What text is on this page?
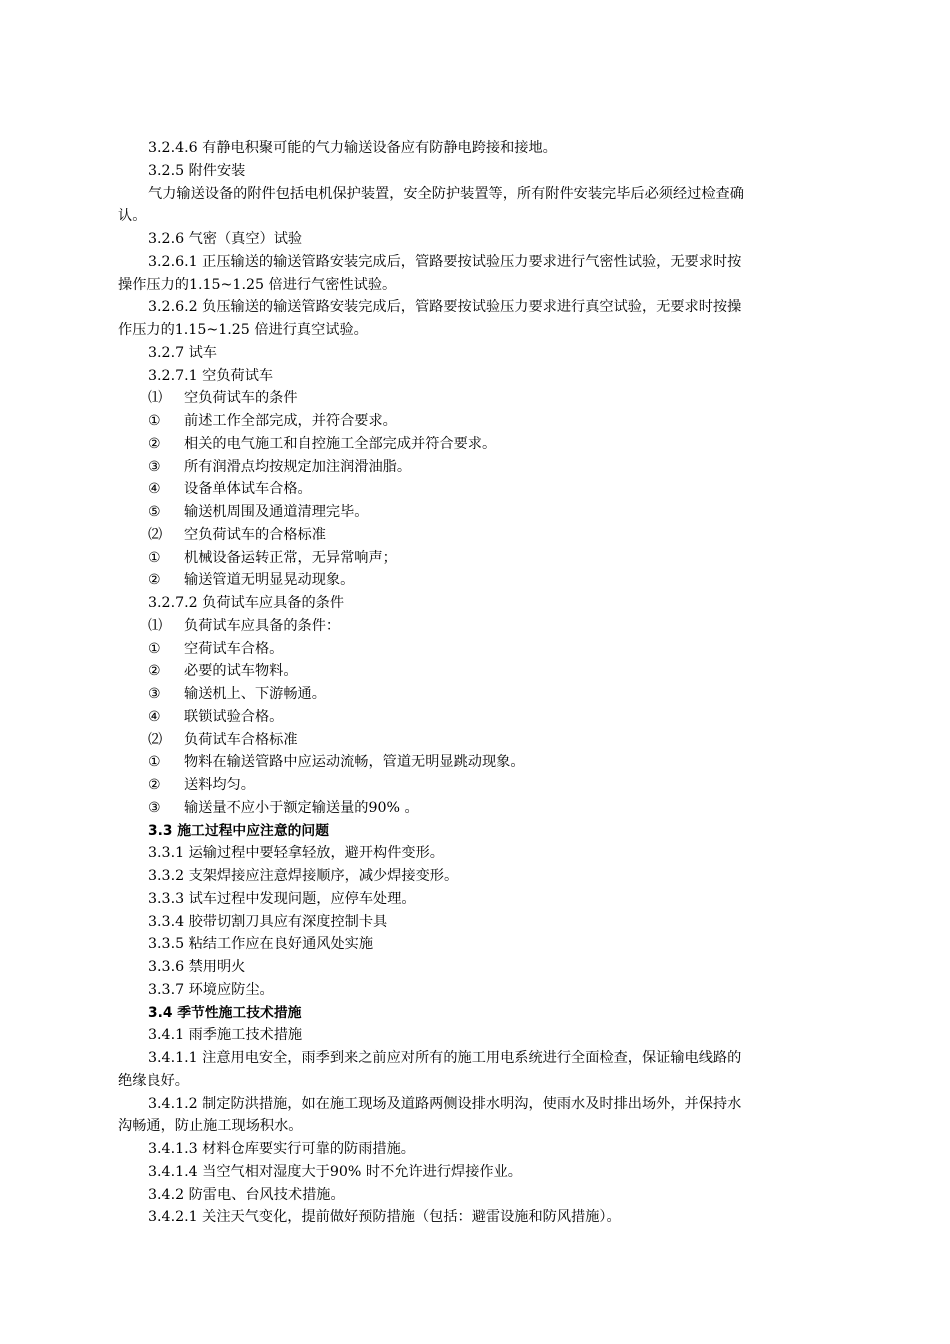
3.2.4.6 有静电积聚可能的气力输送设备应有防静电跨接和接地。
3.2.5 附件安装
气力输送设备的附件包括电机保护装置，安全防护装置等，所有附件安装完毕后必须经过检查确
认。
3.2.6 气密（真空）试验
3.2.6.1 正压输送的输送管路安装完成后，管路要按试验压力要求进行气密性试验，无要求时按
操作压力的1.15~1.25 倍进行气密性试验。
3.2.6.2 负压输送的输送管路安装完成后，管路要按试验压力要求进行真空试验，无要求时按操
作压力的1.15~1.25 倍进行真空试验。
3.2.7 试车
3.2.7.1 空负荷试车
⑴ 空负荷试车的条件
① 前述工作全部完成，并符合要求。
② 相关的电气施工和自控施工全部完成并符合要求。
③ 所有润滑点均按规定加注润滑油脂。
④ 设备单体试车合格。
⑤ 输送机周围及通道清理完毕。
⑵ 空负荷试车的合格标准
① 机械设备运转正常，无异常响声；
② 输送管道无明显晃动现象。
3.2.7.2 负荷试车应具备的条件
⑴ 负荷试车应具备的条件：
① 空荷试车合格。
② 必要的试车物料。
③ 输送机上、下游畅通。
④ 联锁试验合格。
⑵ 负荷试车合格标准
① 物料在输送管路中应运动流畅，管道无明显跳动现象。
② 送料均匀。
③ 输送量不应小于额定输送量的90% 。
3.3 施工过程中应注意的问题
3.3.1 运输过程中要轻拿轻放，避开构件变形。
3.3.2 支架焊接应注意焊接顺序，减少焊接变形。
3.3.3 试车过程中发现问题，应停车处理。
3.3.4 胶带切割刀具应有深度控制卡具
3.3.5 粘结工作应在良好通风处实施
3.3.6 禁用明火
3.3.7 环境应防尘。
3.4 季节性施工技术措施
3.4.1 雨季施工技术措施
3.4.1.1 注意用电安全，雨季到来之前应对所有的施工用电系统进行全面检查，保证输电线路的
绝缘良好。
3.4.1.2 制定防洪措施，如在施工现场及道路两侧设排水明沟，使雨水及时排出场外，并保持水
沟畅通，防止施工现场积水。
3.4.1.3 材料仓库要实行可靠的防雨措施。
3.4.1.4 当空气相对湿度大于90% 时不允许进行焊接作业。
3.4.2 防雷电、台风技术措施。
3.4.2.1 关注天气变化，提前做好预防措施（包括：避雷设施和防风措施）。
